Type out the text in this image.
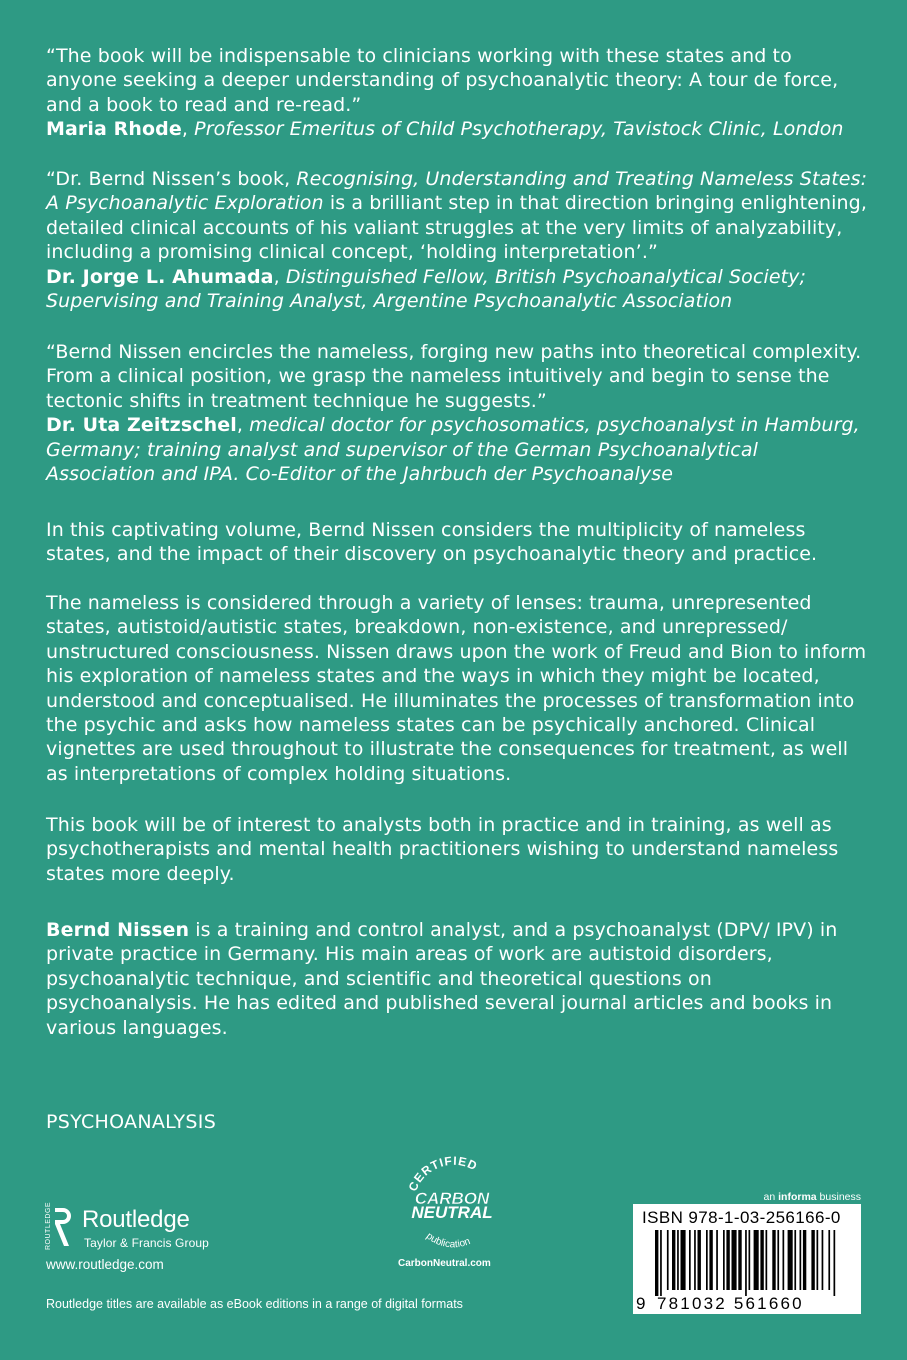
“The book will be indispensable to clinicians working with these states and to anyone seeking a deeper understanding of psychoanalytic theory: A tour de force, and a book to read and re-read.”
Maria Rhode, Professor Emeritus of Child Psychotherapy, Tavistock Clinic, London

“Dr. Bernd Nissen’s book, Recognising, Understanding and Treating Nameless States: A Psychoanalytic Exploration is a brilliant step in that direction bringing enlightening, detailed clinical accounts of his valiant struggles at the very limits of analyzability, including a promising clinical concept, ‘holding interpretation’.”
Dr. Jorge L. Ahumada, Distinguished Fellow, British Psychoanalytical Society; Supervising and Training Analyst, Argentine Psychoanalytic Association

“Bernd Nissen encircles the nameless, forging new paths into theoretical complexity. From a clinical position, we grasp the nameless intuitively and begin to sense the tectonic shifts in treatment technique he suggests.”
Dr. Uta Zeitzschel, medical doctor for psychosomatics, psychoanalyst in Hamburg, Germany; training analyst and supervisor of the German Psychoanalytical Association and IPA. Co-Editor of the Jahrbuch der Psychoanalyse

In this captivating volume, Bernd Nissen considers the multiplicity of nameless states, and the impact of their discovery on psychoanalytic theory and practice.

The nameless is considered through a variety of lenses: trauma, unrepresented states, autistoid/autistic states, breakdown, non-existence, and unrepressed/ unstructured consciousness. Nissen draws upon the work of Freud and Bion to inform his exploration of nameless states and the ways in which they might be located, understood and conceptualised. He illuminates the processes of transformation into the psychic and asks how nameless states can be psychically anchored. Clinical vignettes are used throughout to illustrate the consequences for treatment, as well as interpretations of complex holding situations.

This book will be of interest to analysts both in practice and in training, as well as psychotherapists and mental health practitioners wishing to understand nameless states more deeply.

Bernd Nissen is a training and control analyst, and a psychoanalyst (DPV/ IPV) in private practice in Germany. His main areas of work are autistoid disorders, psychoanalytic technique, and scientific and theoretical questions on psychoanalysis. He has edited and published several journal articles and books in various languages.

PSYCHOANALYSIS
ROUTLEDGE Routledge
Taylor & Francis Group
www.routledge.com
Routledge titles are available as eBook editions in a range of digital formats
CERTIFIED
CARBON
NEUTRAL
publication
CarbonNeutral.com
an informa business
ISBN 978-1-03-256166-0
9 781032 561660
